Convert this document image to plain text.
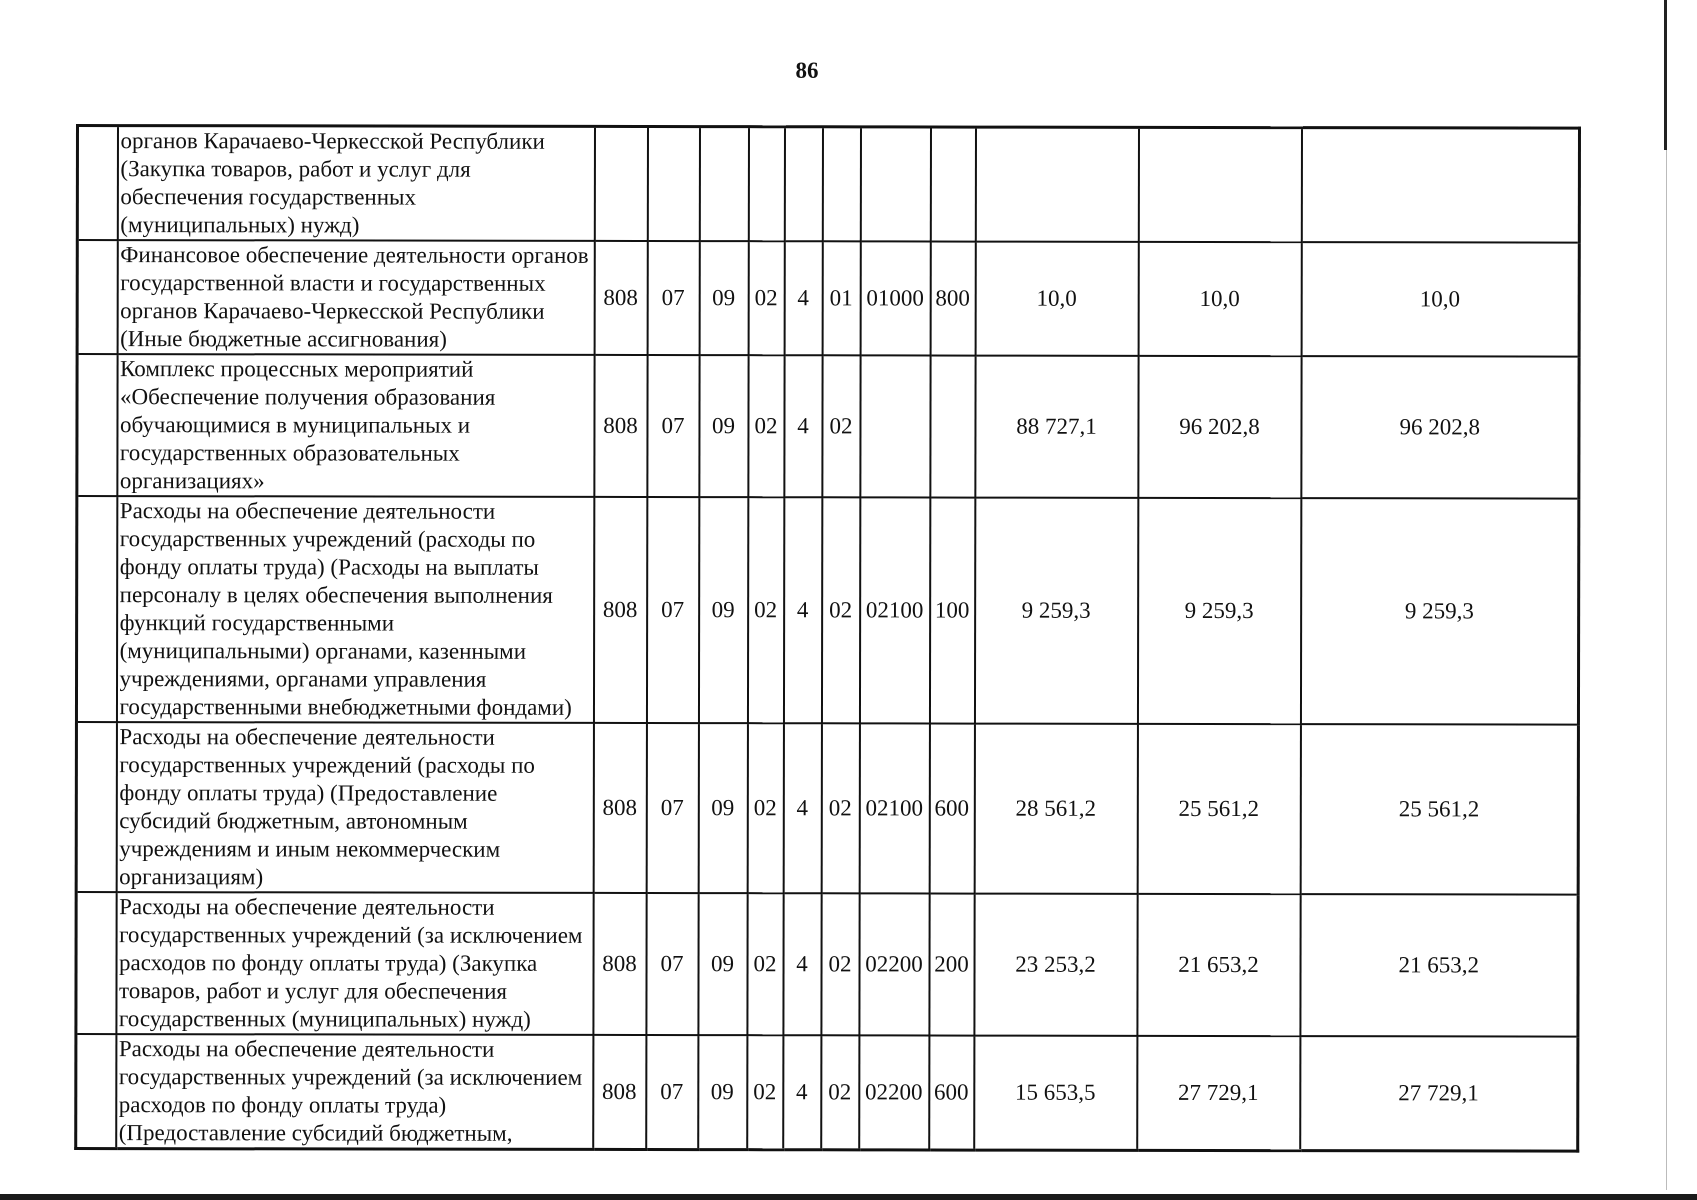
86
	органов Карачаево-Черкесской Республики (Закупка товаров, работ и услуг для обеспечения государственных (муниципальных) нужд)											
	Финансовое обеспечение деятельности органов государственной власти и государственных органов Карачаево-Черкесской Республики (Иные бюджетные ассигнования)	808	07	09	02	4	01	01000	800	10,0	10,0	10,0
	Комплекс процессных мероприятий «Обеспечение получения образования обучающимися в муниципальных и государственных образовательных организациях»	808	07	09	02	4	02			88 727,1	96 202,8	96 202,8
	Расходы на обеспечение деятельности государственных учреждений (расходы по фонду оплаты труда) (Расходы на выплаты персоналу в целях обеспечения выполнения функций государственными (муниципальными) органами, казенными учреждениями, органами управления государственными внебюджетными фондами)	808	07	09	02	4	02	02100	100	9 259,3	9 259,3	9 259,3
	Расходы на обеспечение деятельности государственных учреждений (расходы по фонду оплаты труда) (Предоставление субсидий бюджетным, автономным учреждениям и иным некоммерческим организациям)	808	07	09	02	4	02	02100	600	28 561,2	25 561,2	25 561,2
	Расходы на обеспечение деятельности государственных учреждений (за исключением расходов по фонду оплаты труда) (Закупка товаров, работ и услуг для обеспечения государственных (муниципальных) нужд)	808	07	09	02	4	02	02200	200	23 253,2	21 653,2	21 653,2
	Расходы на обеспечение деятельности государственных учреждений (за исключением расходов по фонду оплаты труда) (Предоставление субсидий бюджетным,	808	07	09	02	4	02	02200	600	15 653,5	27 729,1	27 729,1
